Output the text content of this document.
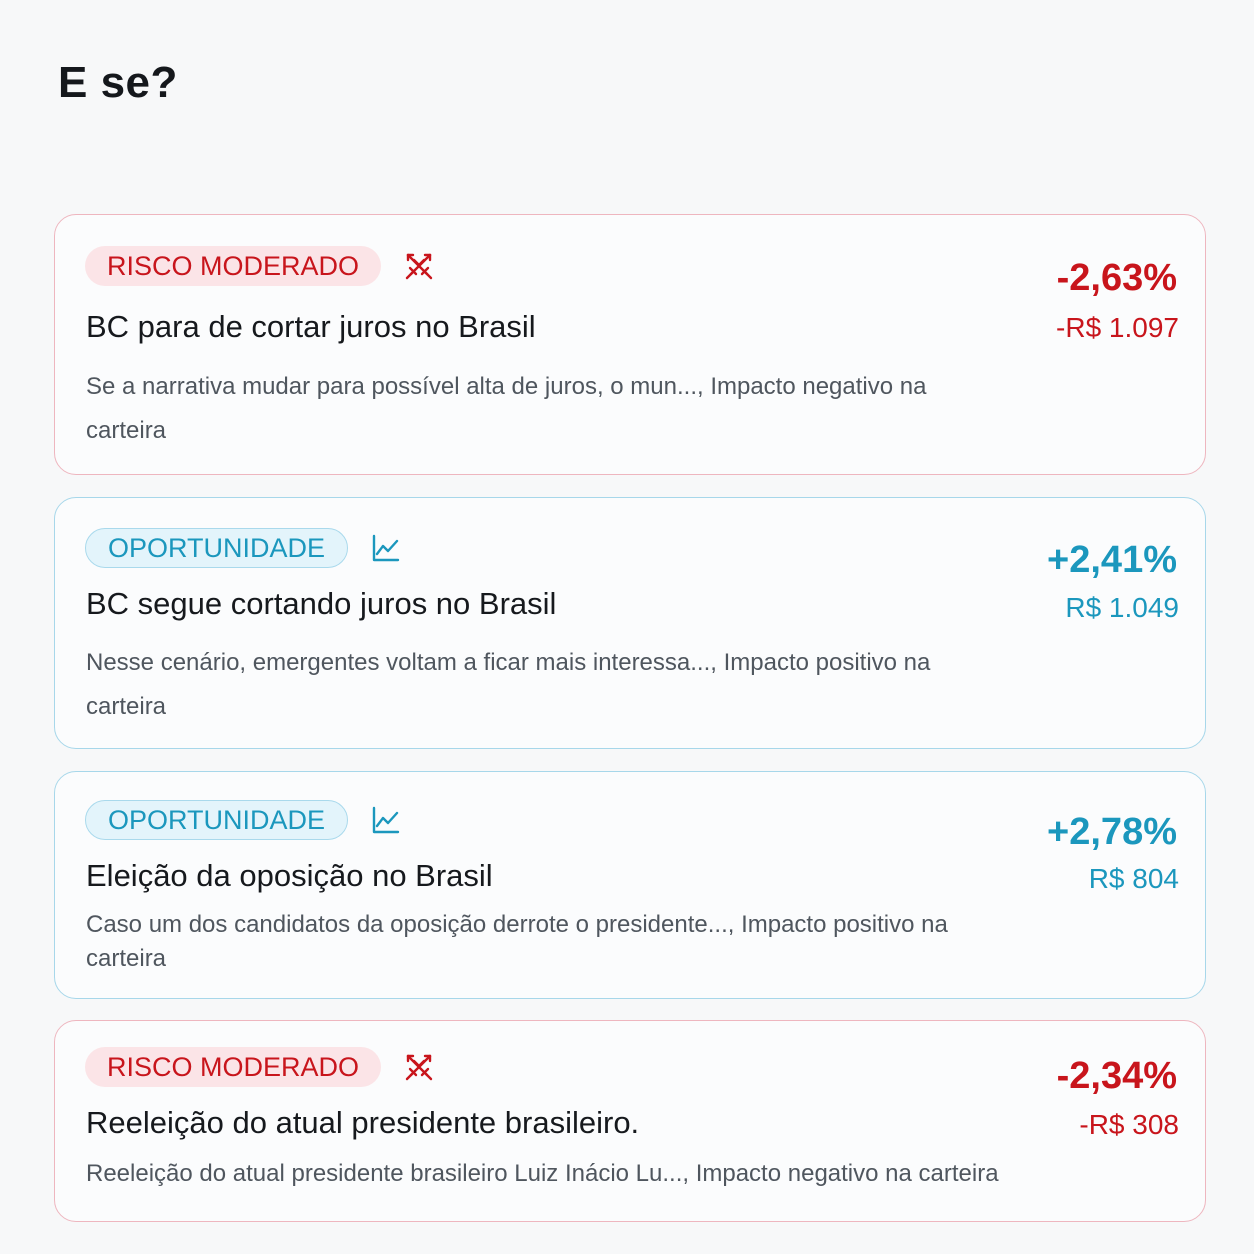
E se?
RISCO MODERADO
BC para de cortar juros no Brasil

Se a narrativa mudar para possível alta de juros, o mun..., Impacto negativo na carteira

-2,63%
-R$ 1.097
OPORTUNIDADE
BC segue cortando juros no Brasil

Nesse cenário, emergentes voltam a ficar mais interessa..., Impacto positivo na carteira

+2,41%
R$ 1.049
OPORTUNIDADE
Eleição da oposição no Brasil

Caso um dos candidatos da oposição derrote o presidente..., Impacto positivo na carteira

+2,78%
R$ 804
RISCO MODERADO
Reeleição do atual presidente brasileiro.

Reeleição do atual presidente brasileiro Luiz Inácio Lu..., Impacto negativo na carteira

-2,34%
-R$ 308
